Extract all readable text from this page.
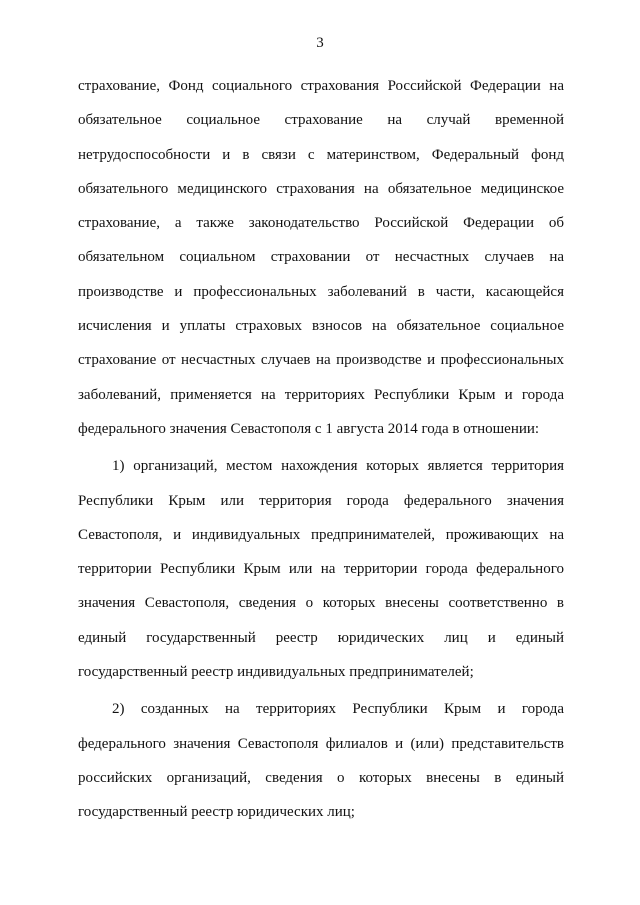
3
страхование, Фонд социального страхования Российской Федерации на
обязательное социальное страхование на случай временной
нетрудоспособности и в связи с материнством, Федеральный фонд
обязательного медицинского страхования на обязательное медицинское
страхование, а также законодательство Российской Федерации об
обязательном социальном страховании от несчастных случаев на
производстве и профессиональных заболеваний в части, касающейся
исчисления и уплаты страховых взносов на обязательное социальное
страхование от несчастных случаев на производстве и профессиональных
заболеваний, применяется на территориях Республики Крым и города
федерального значения Севастополя с 1 августа 2014 года в отношении:
1) организаций, местом нахождения которых является территория
Республики Крым или территория города федерального значения
Севастополя, и индивидуальных предпринимателей, проживающих на
территории Республики Крым или на территории города федерального
значения Севастополя, сведения о которых внесены соответственно в
единый государственный реестр юридических лиц и единый
государственный реестр индивидуальных предпринимателей;
2) созданных на территориях Республики Крым и города
федерального значения Севастополя филиалов и (или) представительств
российских организаций, сведения о которых внесены в единый
государственный реестр юридических лиц;
